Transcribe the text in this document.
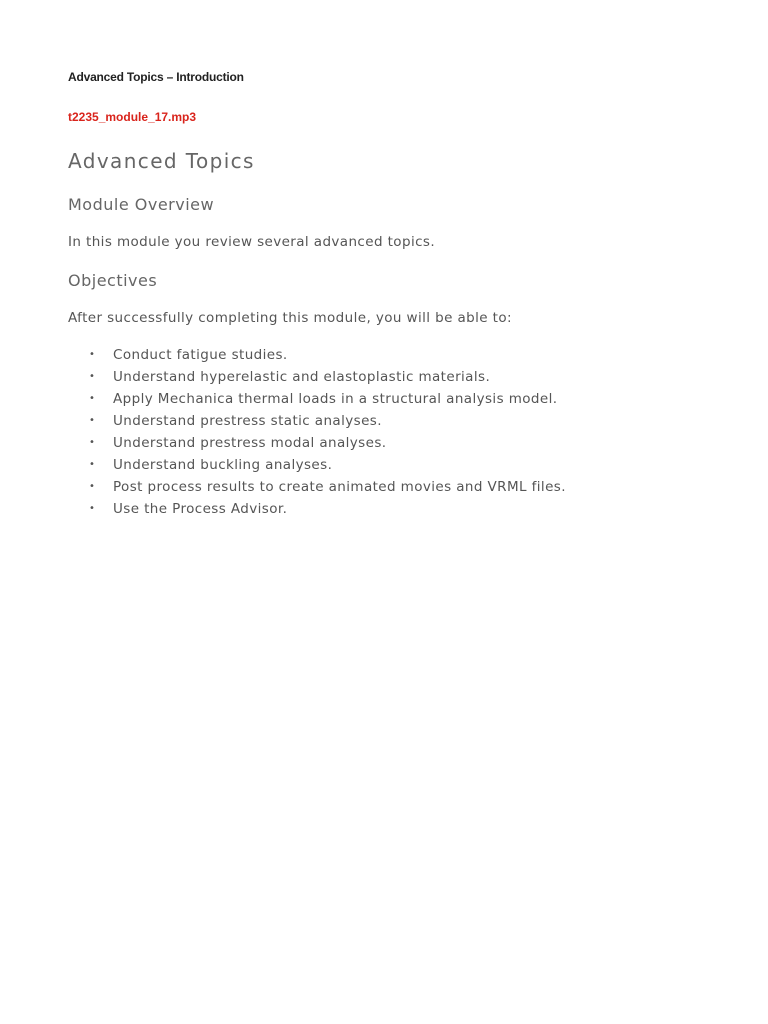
Advanced Topics – Introduction
t2235_module_17.mp3
Advanced Topics
Module Overview

In this module you review several advanced topics.

Objectives

After successfully completing this module, you will be able to:

• Conduct fatigue studies.
• Understand hyperelastic and elastoplastic materials.
• Apply Mechanica thermal loads in a structural analysis model.
• Understand prestress static analyses.
• Understand prestress modal analyses.
• Understand buckling analyses.
• Post process results to create animated movies and VRML files.
• Use the Process Advisor.
